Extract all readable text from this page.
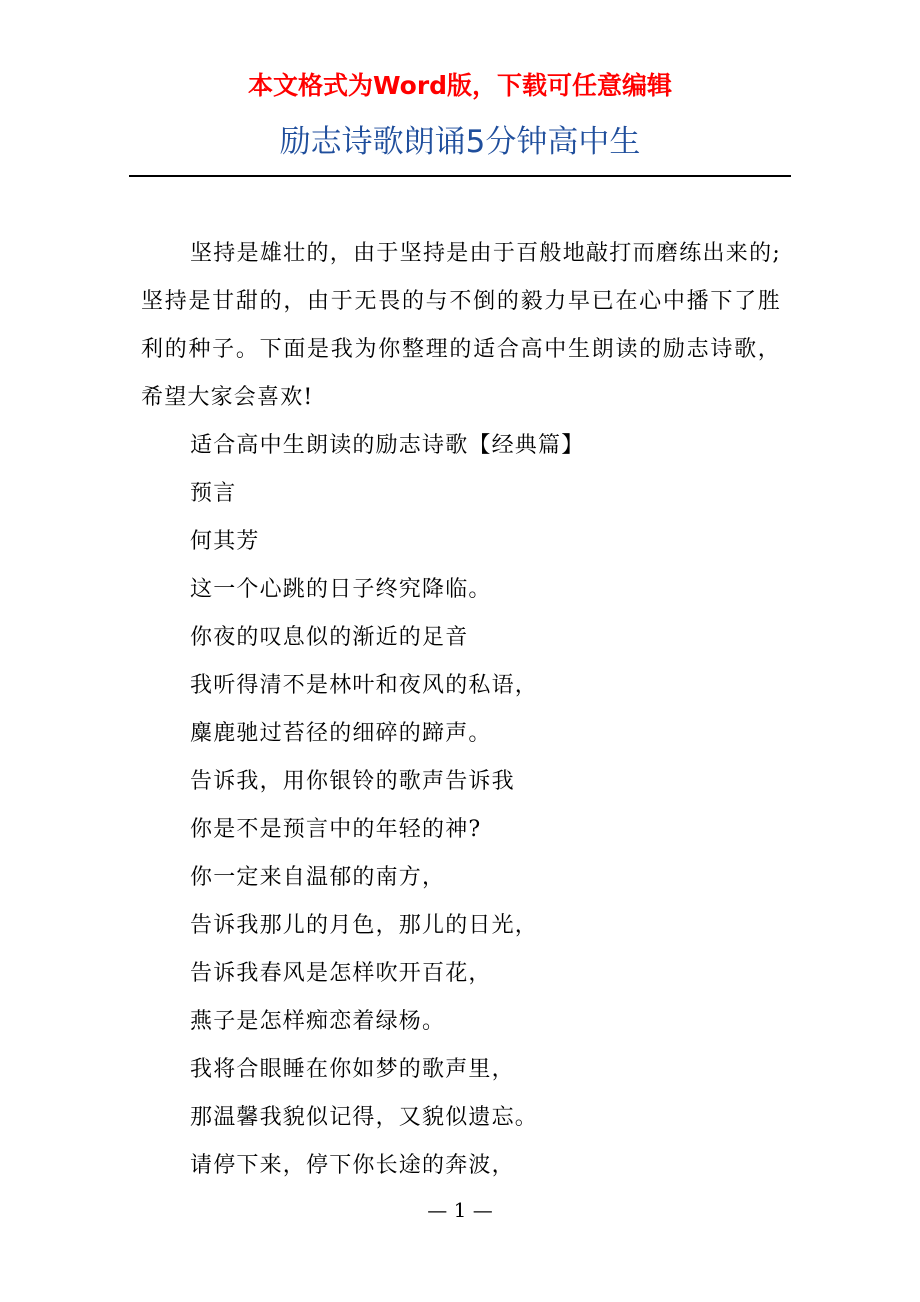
本文格式为Word版，下载可任意编辑
励志诗歌朗诵5分钟高中生

坚持是雄壮的，由于坚持是由于百般地敲打而磨练出来的;坚持是甘甜的，由于无畏的与不倒的毅力早已在心中播下了胜利的种子。下面是我为你整理的适合高中生朗读的励志诗歌，希望大家会喜欢!

适合高中生朗读的励志诗歌【经典篇】

预言

何其芳

这一个心跳的日子终究降临。

你夜的叹息似的渐近的足音

我听得清不是林叶和夜风的私语，

麋鹿驰过苔径的细碎的蹄声。

告诉我，用你银铃的歌声告诉我

你是不是预言中的年轻的神?

你一定来自温郁的南方，

告诉我那儿的月色，那儿的日光，

告诉我春风是怎样吹开百花，

燕子是怎样痴恋着绿杨。

我将合眼睡在你如梦的歌声里，

那温馨我貌似记得，又貌似遗忘。

请停下来，停下你长途的奔波，

— 1 —
